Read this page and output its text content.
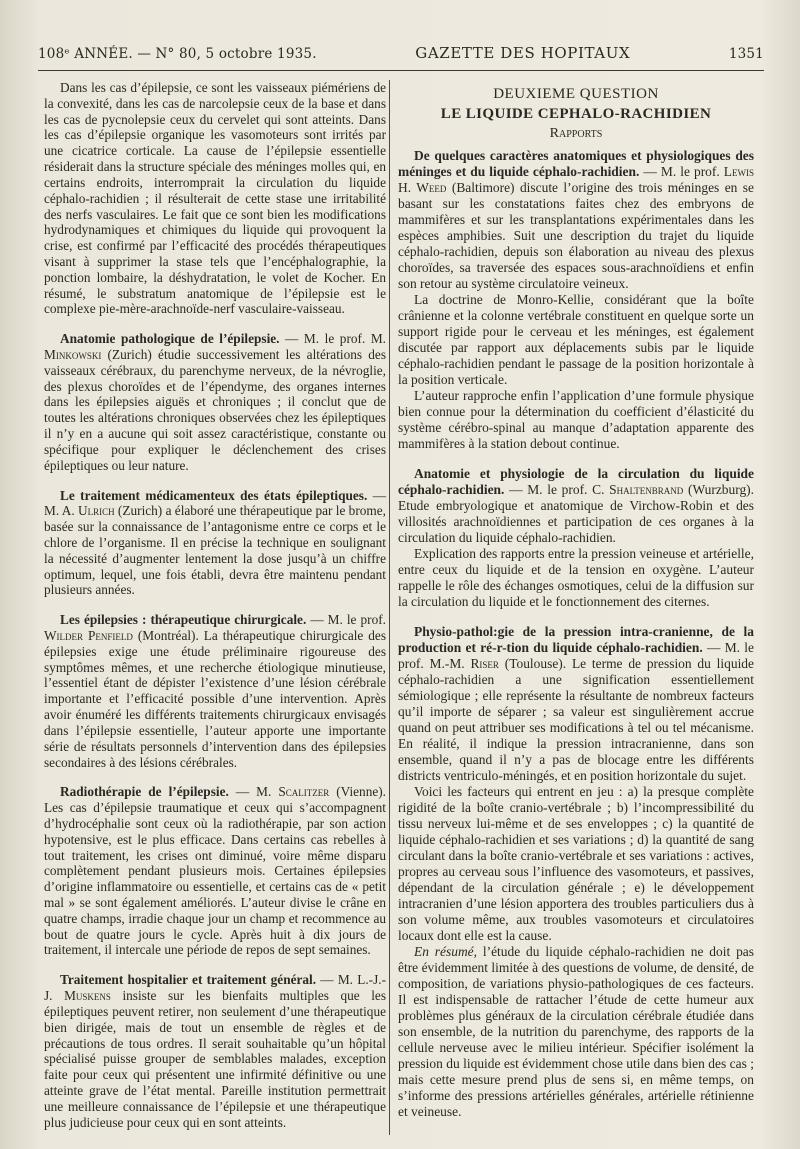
108ᵉ ANNÉE. — N° 80, 5 octobre 1935.	GAZETTE DES HOPITAUX	1351

Dans les cas d’épilepsie, ce sont les vaisseaux piémériens de la convexité, dans les cas de narcolepsie ceux de la base et dans les cas de pycnolepsie ceux du cervelet qui sont atteints. Dans les cas d’épilepsie organique les vasomoteurs sont irrités par une cicatrice corticale. La cause de l’épilepsie essentielle résiderait dans la structure spéciale des méninges molles qui, en certains endroits, interromprait la circulation du liquide céphalo-rachidien ; il résulterait de cette stase une irritabilité des nerfs vasculaires. Le fait que ce sont bien les modifications hydrodynamiques et chimiques du liquide qui provoquent la crise, est confirmé par l’efficacité des procédés thérapeutiques visant à supprimer la stase tels que l’encéphalographie, la ponction lombaire, la déshydratation, le volet de Kocher. En résumé, le substratum anatomique de l’épilepsie est le complexe pie-mère-arachnoïde-nerf vasculaire-vaisseau.

Anatomie pathologique de l’épilepsie. — M. le prof. M. Minkowski (Zurich) étudie successivement les altérations des vaisseaux cérébraux, du parenchyme nerveux, de la névroglie, des plexus choroïdes et de l’épendyme, des organes internes dans les épilepsies aiguës et chroniques ; il conclut que de toutes les altérations chroniques observées chez les épileptiques il n’y en a aucune qui soit assez caractéristique, constante ou spécifique pour expliquer le déclenchement des crises épileptiques ou leur nature.

Le traitement médicamenteux des états épileptiques. — M. A. Ulrich (Zurich) a élaboré une thérapeutique par le brome, basée sur la connaissance de l’antagonisme entre ce corps et le chlore de l’organisme. Il en précise la technique en soulignant la nécessité d’augmenter lentement la dose jusqu’à un chiffre optimum, lequel, une fois établi, devra être maintenu pendant plusieurs années.

Les épilepsies : thérapeutique chirurgicale. — M. le prof. Wilder Penfield (Montréal). La thérapeutique chirurgicale des épilepsies exige une étude préliminaire rigoureuse des symptômes mêmes, et une recherche étiologique minutieuse, l’essentiel étant de dépister l’existence d’une lésion cérébrale importante et l’efficacité possible d’une intervention. Après avoir énuméré les différents traitements chirurgicaux envisagés dans l’épilepsie essentielle, l’auteur apporte une importante série de résultats personnels d’intervention dans des épilepsies secondaires à des lésions cérébrales.

Radiothérapie de l’épilepsie. — M. Scalitzer (Vienne). Les cas d’épilepsie traumatique et ceux qui s’accompagnent d’hydrocéphalie sont ceux où la radiothérapie, par son action hypotensive, est le plus efficace. Dans certains cas rebelles à tout traitement, les crises ont diminué, voire même disparu complètement pendant plusieurs mois. Certaines épilepsies d’origine inflammatoire ou essentielle, et certains cas de « petit mal » se sont également améliorés. L’auteur divise le crâne en quatre champs, irradie chaque jour un champ et recommence au bout de quatre jours le cycle. Après huit à dix jours de traitement, il intercale une période de repos de sept semaines.

Traitement hospitalier et traitement général. — M. L.-J.-J. Muskens insiste sur les bienfaits multiples que les épileptiques peuvent retirer, non seulement d’une thérapeutique bien dirigée, mais de tout un ensemble de règles et de précautions de tous ordres. Il serait souhaitable qu’un hôpital spécialisé puisse grouper de semblables malades, exception faite pour ceux qui présentent une infirmité définitive ou une atteinte grave de l’état mental. Pareille institution permettrait une meilleure connaissance de l’épilepsie et une thérapeutique plus judicieuse pour ceux qui en sont atteints.

DEUXIEME QUESTION

LE LIQUIDE CEPHALO-RACHIDIEN

Rapports

De quelques caractères anatomiques et physiologiques des méninges et du liquide céphalo-rachidien. — M. le prof. Lewis H. Weed (Baltimore) discute l’origine des trois méninges en se basant sur les constatations faites chez des embryons de mammifères et sur les transplantations expérimentales dans les espèces amphibies. Suit une description du trajet du liquide céphalo-rachidien, depuis son élaboration au niveau des plexus choroïdes, sa traversée des espaces sous-arachnoïdiens et enfin son retour au système circulatoire veineux.

La doctrine de Monro-Kellie, considérant que la boîte crânienne et la colonne vertébrale constituent en quelque sorte un support rigide pour le cerveau et les méninges, est également discutée par rapport aux déplacements subis par le liquide céphalo-rachidien pendant le passage de la position horizontale à la position verticale.

L’auteur rapproche enfin l’application d’une formule physique bien connue pour la détermination du coefficient d’élasticité du système cérébro-spinal au manque d’adaptation apparente des mammifères à la station debout continue.

Anatomie et physiologie de la circulation du liquide céphalo-rachidien. — M. le prof. C. Shaltenbrand (Wurzburg). Etude embryologique et anatomique de Virchow-Robin et des villosités arachnoïdiennes et participation de ces organes à la circulation du liquide céphalo-rachidien.

Explication des rapports entre la pression veineuse et artérielle, entre ceux du liquide et de la tension en oxygène. L’auteur rappelle le rôle des échanges osmotiques, celui de la diffusion sur la circulation du liquide et le fonctionnement des citernes.

Physio-pathol:gie de la pression intra-cranienne, de la production et ré-r-tion du liquide céphalo-rachidien. — M. le prof. M.-M. Riser (Toulouse). Le terme de pression du liquide céphalo-rachidien a une signification essentiellement sémiologique ; elle représente la résultante de nombreux facteurs qu’il importe de séparer ; sa valeur est singulièrement accrue quand on peut attribuer ses modifications à tel ou tel mécanisme. En réalité, il indique la pression intracranienne, dans son ensemble, quand il n’y a pas de blocage entre les différents districts ventriculo-méningés, et en position horizontale du sujet.

Voici les facteurs qui entrent en jeu : a) la presque complète rigidité de la boîte cranio-vertébrale ; b) l’incompressibilité du tissu nerveux lui-même et de ses enveloppes ; c) la quantité de liquide céphalo-rachidien et ses variations ; d) la quantité de sang circulant dans la boîte cranio-vertébrale et ses variations : actives, propres au cerveau sous l’influence des vasomoteurs, et passives, dépendant de la circulation générale ; e) le développement intracranien d’une lésion apportera des troubles particuliers dus à son volume même, aux troubles vasomoteurs et circulatoires locaux dont elle est la cause.

En résumé, l’étude du liquide céphalo-rachidien ne doit pas être évidemment limitée à des questions de volume, de densité, de composition, de variations physio-pathologiques de ces facteurs. Il est indispensable de rattacher l’étude de cette humeur aux problèmes plus généraux de la circulation cérébrale étudiée dans son ensemble, de la nutrition du parenchyme, des rapports de la cellule nerveuse avec le milieu intérieur. Spécifier isolément la pression du liquide est évidemment chose utile dans bien des cas ; mais cette mesure prend plus de sens si, en même temps, on s’informe des pressions artérielles générales, artérielle rétinienne et veineuse.
